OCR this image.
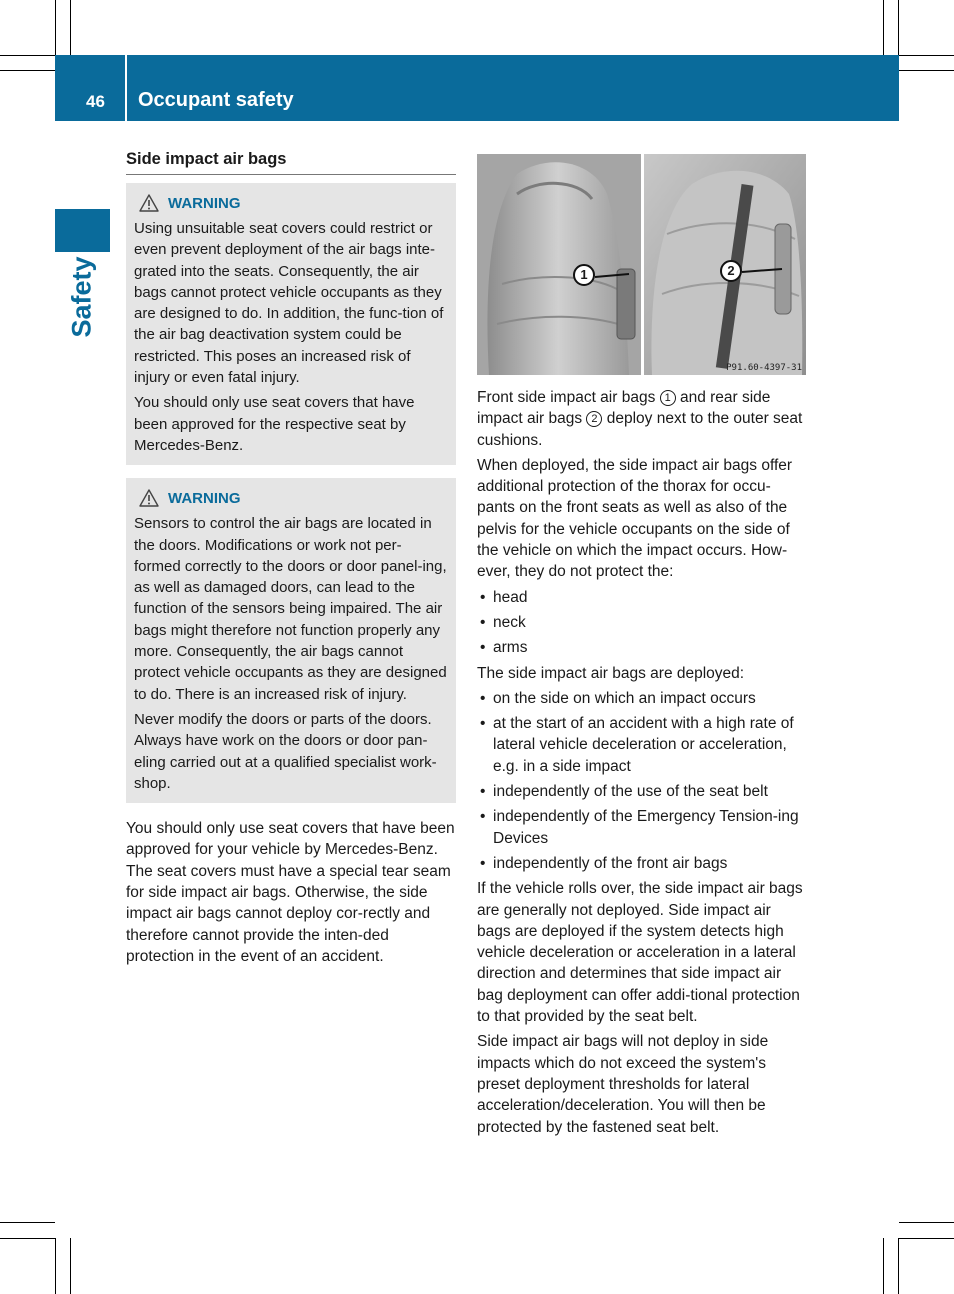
46 Occupant safety
Safety
Side impact air bags
WARNING

Using unsuitable seat covers could restrict or even prevent deployment of the air bags inte-grated into the seats. Consequently, the air bags cannot protect vehicle occupants as they are designed to do. In addition, the func-tion of the air bag deactivation system could be restricted. This poses an increased risk of injury or even fatal injury.

You should only use seat covers that have been approved for the respective seat by Mercedes-Benz.

WARNING

Sensors to control the air bags are located in the doors. Modifications or work not per-formed correctly to the doors or door panel-ing, as well as damaged doors, can lead to the function of the sensors being impaired. The air bags might therefore not function properly any more. Consequently, the air bags cannot protect vehicle occupants as they are designed to do. There is an increased risk of injury.

Never modify the doors or parts of the doors. Always have work on the doors or door pan-eling carried out at a qualified specialist work-shop.

You should only use seat covers that have been approved for your vehicle by Mercedes-Benz. The seat covers must have a special tear seam for side impact air bags. Otherwise, the side impact air bags cannot deploy cor-rectly and therefore cannot provide the inten-ded protection in the event of an accident.

1	2
P91.60-4397-31

Front side impact air bags 1 and rear side impact air bags 2 deploy next to the outer seat cushions.

When deployed, the side impact air bags offer additional protection of the thorax for occu-pants on the front seats as well as also of the pelvis for the vehicle occupants on the side of the vehicle on which the impact occurs. How-ever, they do not protect the:

• head
• neck
• arms

The side impact air bags are deployed:

• on the side on which an impact occurs
• at the start of an accident with a high rate of lateral vehicle deceleration or acceleration, e.g. in a side impact
• independently of the use of the seat belt
• independently of the Emergency Tension-ing Devices
• independently of the front air bags

If the vehicle rolls over, the side impact air bags are generally not deployed. Side impact air bags are deployed if the system detects high vehicle deceleration or acceleration in a lateral direction and determines that side impact air bag deployment can offer addi-tional protection to that provided by the seat belt.

Side impact air bags will not deploy in side impacts which do not exceed the system's preset deployment thresholds for lateral acceleration/deceleration. You will then be protected by the fastened seat belt.
